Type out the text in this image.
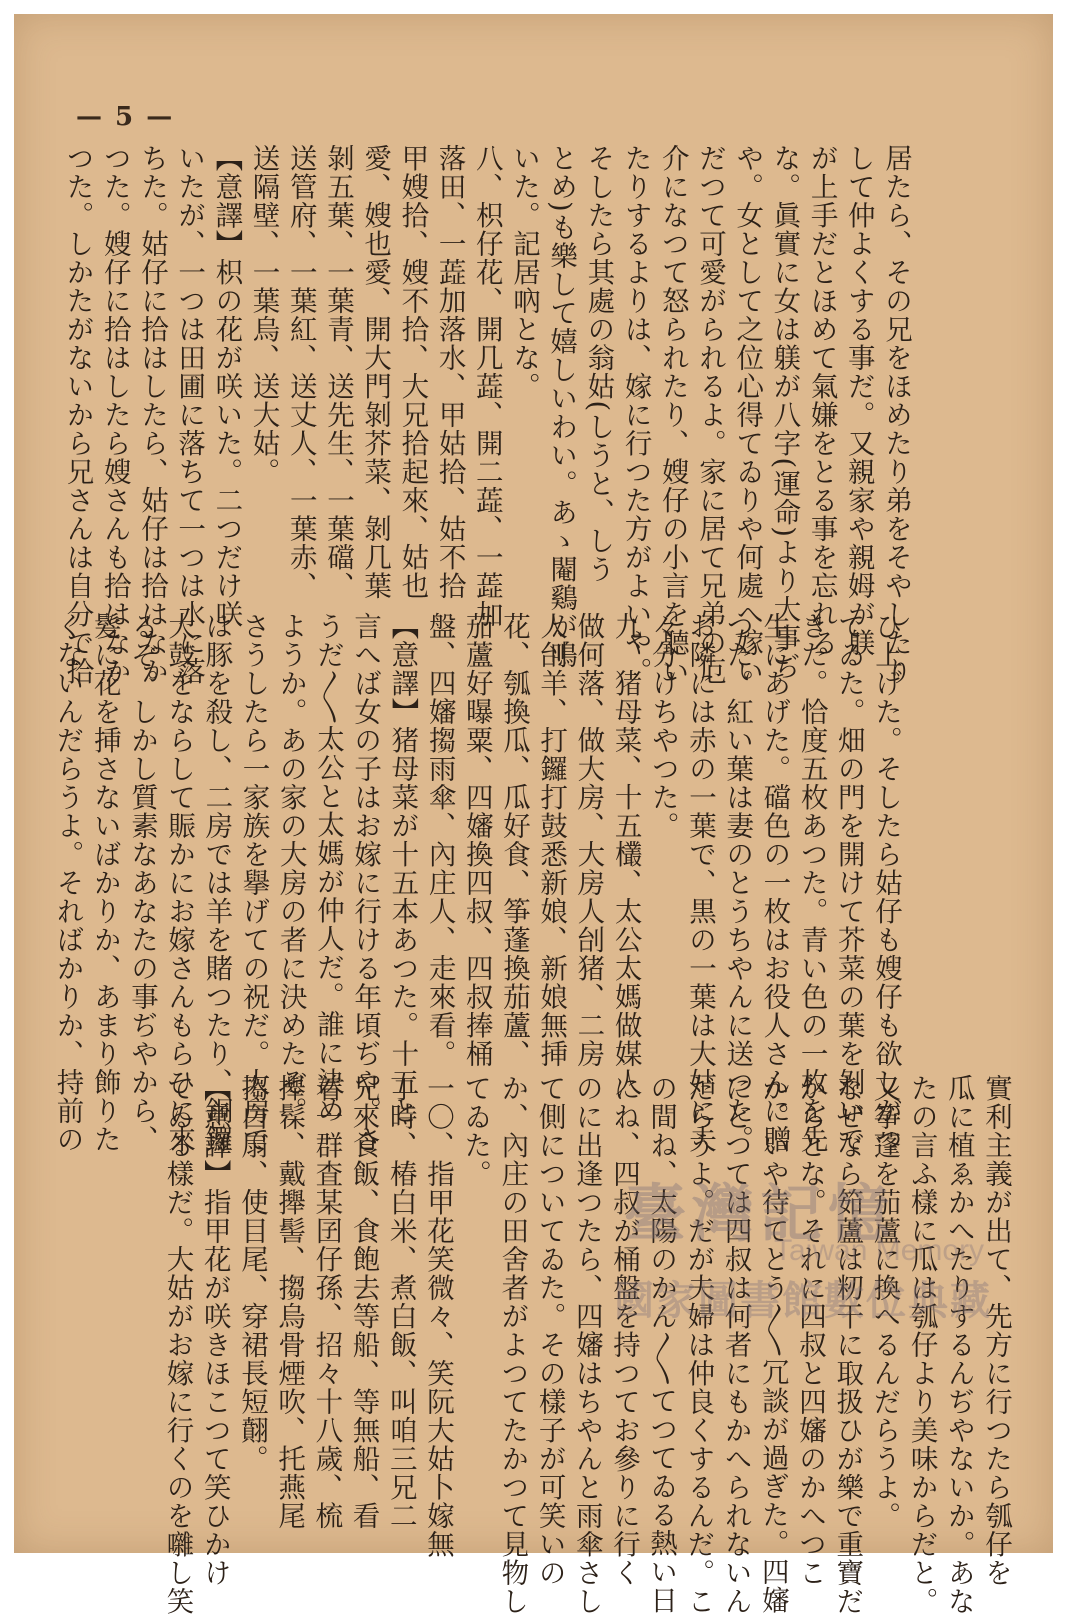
— 5 —
居たら、その兄をほめたり弟をそやしたり
して仲よくする事だ。又親家や親姆が躾
が上手だとほめて氣嫌をとる事を忘れる
な。眞實に女は躾が八字(運命)より大事ぢ
や。女として之位心得てゐりや何處へ嫁い
だつて可愛がられるよ。家に居て兄弟の厄
介になつて怒られたり、嫂仔の小言を聽い
たりするよりは、嫁に行つた方がよいや。
そしたら其處の翁姑(しうと、しう
とめ)も樂して嬉しいわい。あゝ閹鷄が鳴
いた。記居吶とな。
八、枳仔花、開几蕋、開二蕋、一蕋加
落田、一蕋加落水、甲姑拾、姑不拾
甲嫂拾、嫂不拾、大兄拾起來、姑也
愛、嫂也愛、開大門剝芥菜、剝几葉
剝五葉、一葉青、送先生、一葉礑、
送管府、一葉紅、送丈人、一葉赤、
送隔壁、一葉烏、送大姑。
【意譯】枳の花が咲いた。二つだけ咲
いたが、一つは田圃に落ちて一つは水に落
ちた。姑仔に拾はしたら、姑仔は拾はなか
つた。嫂仔に拾はしたら嫂さんも拾はなか
つた。しかたがないから兄さんは自分で拾
ひ上げた。そしたら姑仔も嫂仔も欲しがつ
てゐた。畑の門を開けて芥菜の葉を剝いで
きた。恰度五枚あつた。青い色の一枚を先
生にあげた。礑色の一枚はお役人さんに贈
つた。紅い葉は妻のとうちやんに送つた。
お隣には赤の一葉で、黒の一葉は大姑に夫
々分けちやつた。
九、猪母菜、十五欉、太公太媽做媒人
做何落、做大房、大房人刣猪、二房
人刣羊、打鑼打鼓悉新娘、新娘無挿
花、瓠換瓜、瓜好食、筝蓬換茄蘆、
茄蘆好曝粟、四嬸換四叔、四叔捧桶
盤、四嬸搊雨傘、內庄人、走來看。
【意譯】猪母菜が十五本あつた。十五と
言へば女の子はお嫁に行ける年頃ぢや。さ
うだ〱太公と太媽が仲人だ。誰に決め
ようか。あの家の大房の者に決めたぞ。
さうしたら一家族を擧げての祝だ。大房で
は豚を殺し、二房では羊を賭つたり、銅鑼
大鼓をならして賑かにお嫁さんもらひに來
るぞ。しかし質素なあなたの事ぢやから、
髮に花を挿さないばかりか、あまり飾りた
くないんだらうよ。そればかりか、持前の
實利主義が出て、先方に行つたら瓠仔を
瓜に植ゑかへたりするんぢやないか。あな
たの言ふ樣に瓜は瓠仔より美味からだと。
又筝蓬を茄蘆に換へるんだらうよ。
なぜなら筎蘆は籾干に取扱ひが樂で重寶だ
からとな。それに四叔と四嬸のかへつこ
か。いや待てとう〱冗談が過ぎた。四嬸
にとつては四叔は何者にもかへられないん
だらうよ。だが夫婦は仲良くするんだ。こ
の間ね、太陽のかん〱てつてゐる熱い日
にね、四叔が桶盤を持つてお參りに行く
のに出逢つたら、四嬸はちやんと雨傘さし
て側についてゐた。その樣子が可笑いの
か、內庄の田舍者がよつてたかつて見物し
てゐた。
一〇、指甲花笑微々、笑阮大姑卜嫁無
丁時、椿白米、煮白飯、叫咱三兄二
兄來食飯、食飽去等船、等無船、看
着一群査某囝仔孫、招々十八歲、梳
攑髹、戴攑髻、搊烏骨煙吹、托燕尾
搊白扇、使目尾、穿裙長短翸。
【意譯】指甲花が咲きほこつて笑ひかけ
てゐる樣だ。大姑がお嫁に行くのを囃し笑	臺灣記憶
Taiwan Memory
國家圖書館數位典藏
